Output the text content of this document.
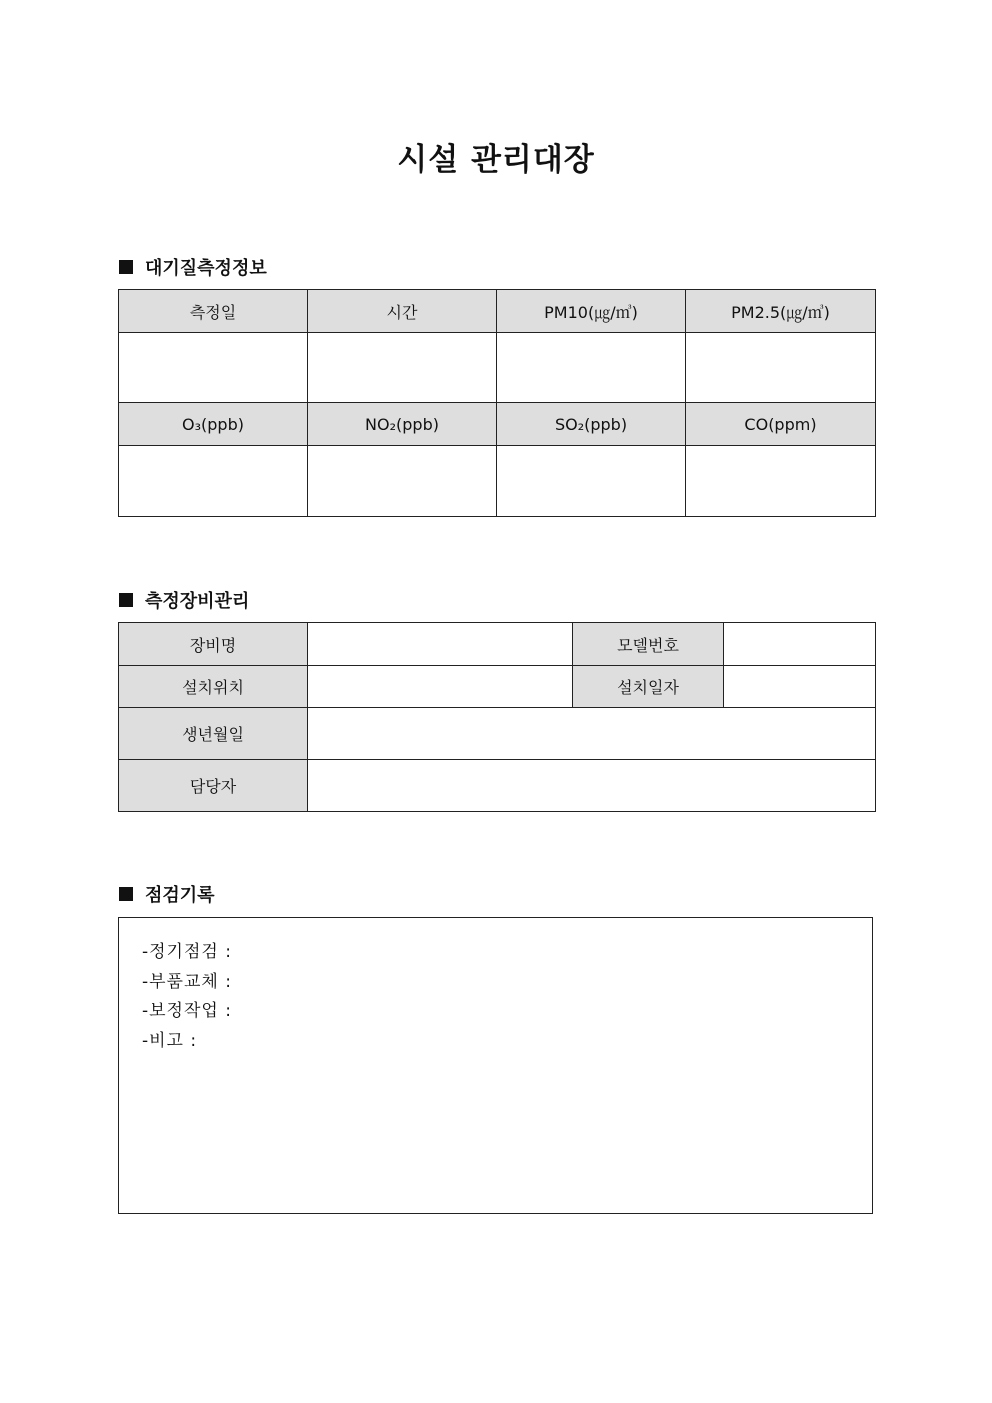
시설 관리대장
대기질측정정보
측정일	시간	PM10(㎍/㎥)	PM2.5(㎍/㎥)

O₃(ppb)	NO₂(ppb)	SO₂(ppb)	CO(ppm)

측정장비관리
장비명		모델번호	
설치위치		설치일자	
생년월일			
담당자			
점검기록
-정기점검 :
-부품교체 :
-보정작업 :
-비고 :
